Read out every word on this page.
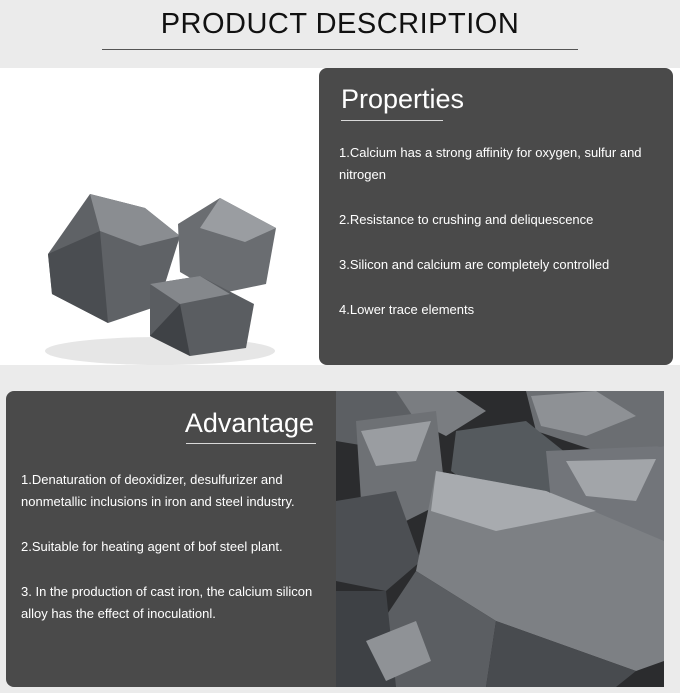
PRODUCT DESCRIPTION
Properties
1.Calcium has a strong affinity for oxygen, sulfur and nitrogen
2.Resistance to crushing and deliquescence
3.Silicon and calcium are completely controlled
4.Lower trace elements
Advantage
1.Denaturation of deoxidizer, desulfurizer and nonmetallic inclusions in iron and steel industry.
2.Suitable for heating agent of bof steel plant.
3. In the production of cast iron, the calcium silicon alloy has the effect of inoculationl.
